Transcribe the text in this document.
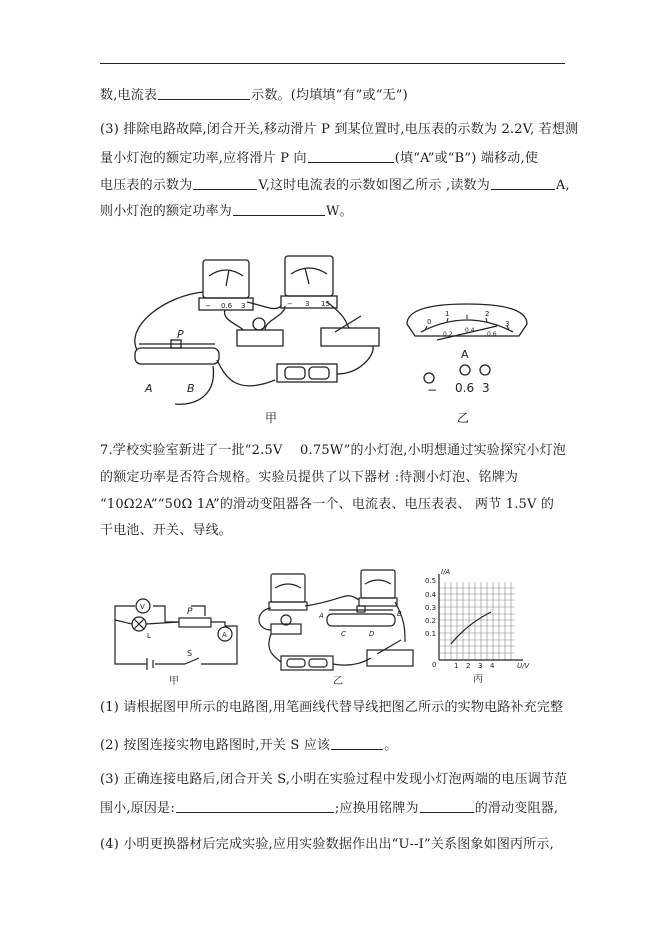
数,电流表	示数。(均填填“有”或“无”)
(3) 排除电路故障,闭合开关,移动滑片 P 到某位置时,电压表的示数为 2.2V, 若想测
量小灯泡的额定功率,应将滑片 P 向	(填“A”或“B”) 端移动,使
电压表的示数为	V,这时电流表的示数如图乙所示 ,读数为	A,
则小灯泡的额定功率为	W。
P
A	B
− 0.6 3	− 3 15
甲
0
1	2
3
0.2
0.4
0.6
A
− 0.6 3
乙
7.学校实验室新进了一批“2.5V 　0.75W”的小灯泡,小明想通过实验探究小灯泡
的额定功率是否符合规格。实验员提供了以下器材 :待测小灯泡、铭牌为
“10Ω2A”“50Ω 1A”的滑动变阻器各一个、电流表、电压表表、 两节 1.5V 的
干电池、开关、导线。
V
A
L
P
S
A	B
C	D
I/A
U/V
0.5
0.4
0.3
0.2
0.1
0	1 2 3 4
甲	乙	丙
(1) 请根据图甲所示的电路图,用笔画线代替导线把图乙所示的实物电路补充完整
(2) 按图连接实物电路图时,开关 S 应该	。
(3) 正确连接电路后,闭合开关 S,小明在实验过程中发现小灯泡两端的电压调节范
围小,原因是:	;应换用铭牌为	的滑动变阻器,
(4) 小明更换器材后完成实验,应用实验数据作出出“U--I”关系图象如图丙所示,
